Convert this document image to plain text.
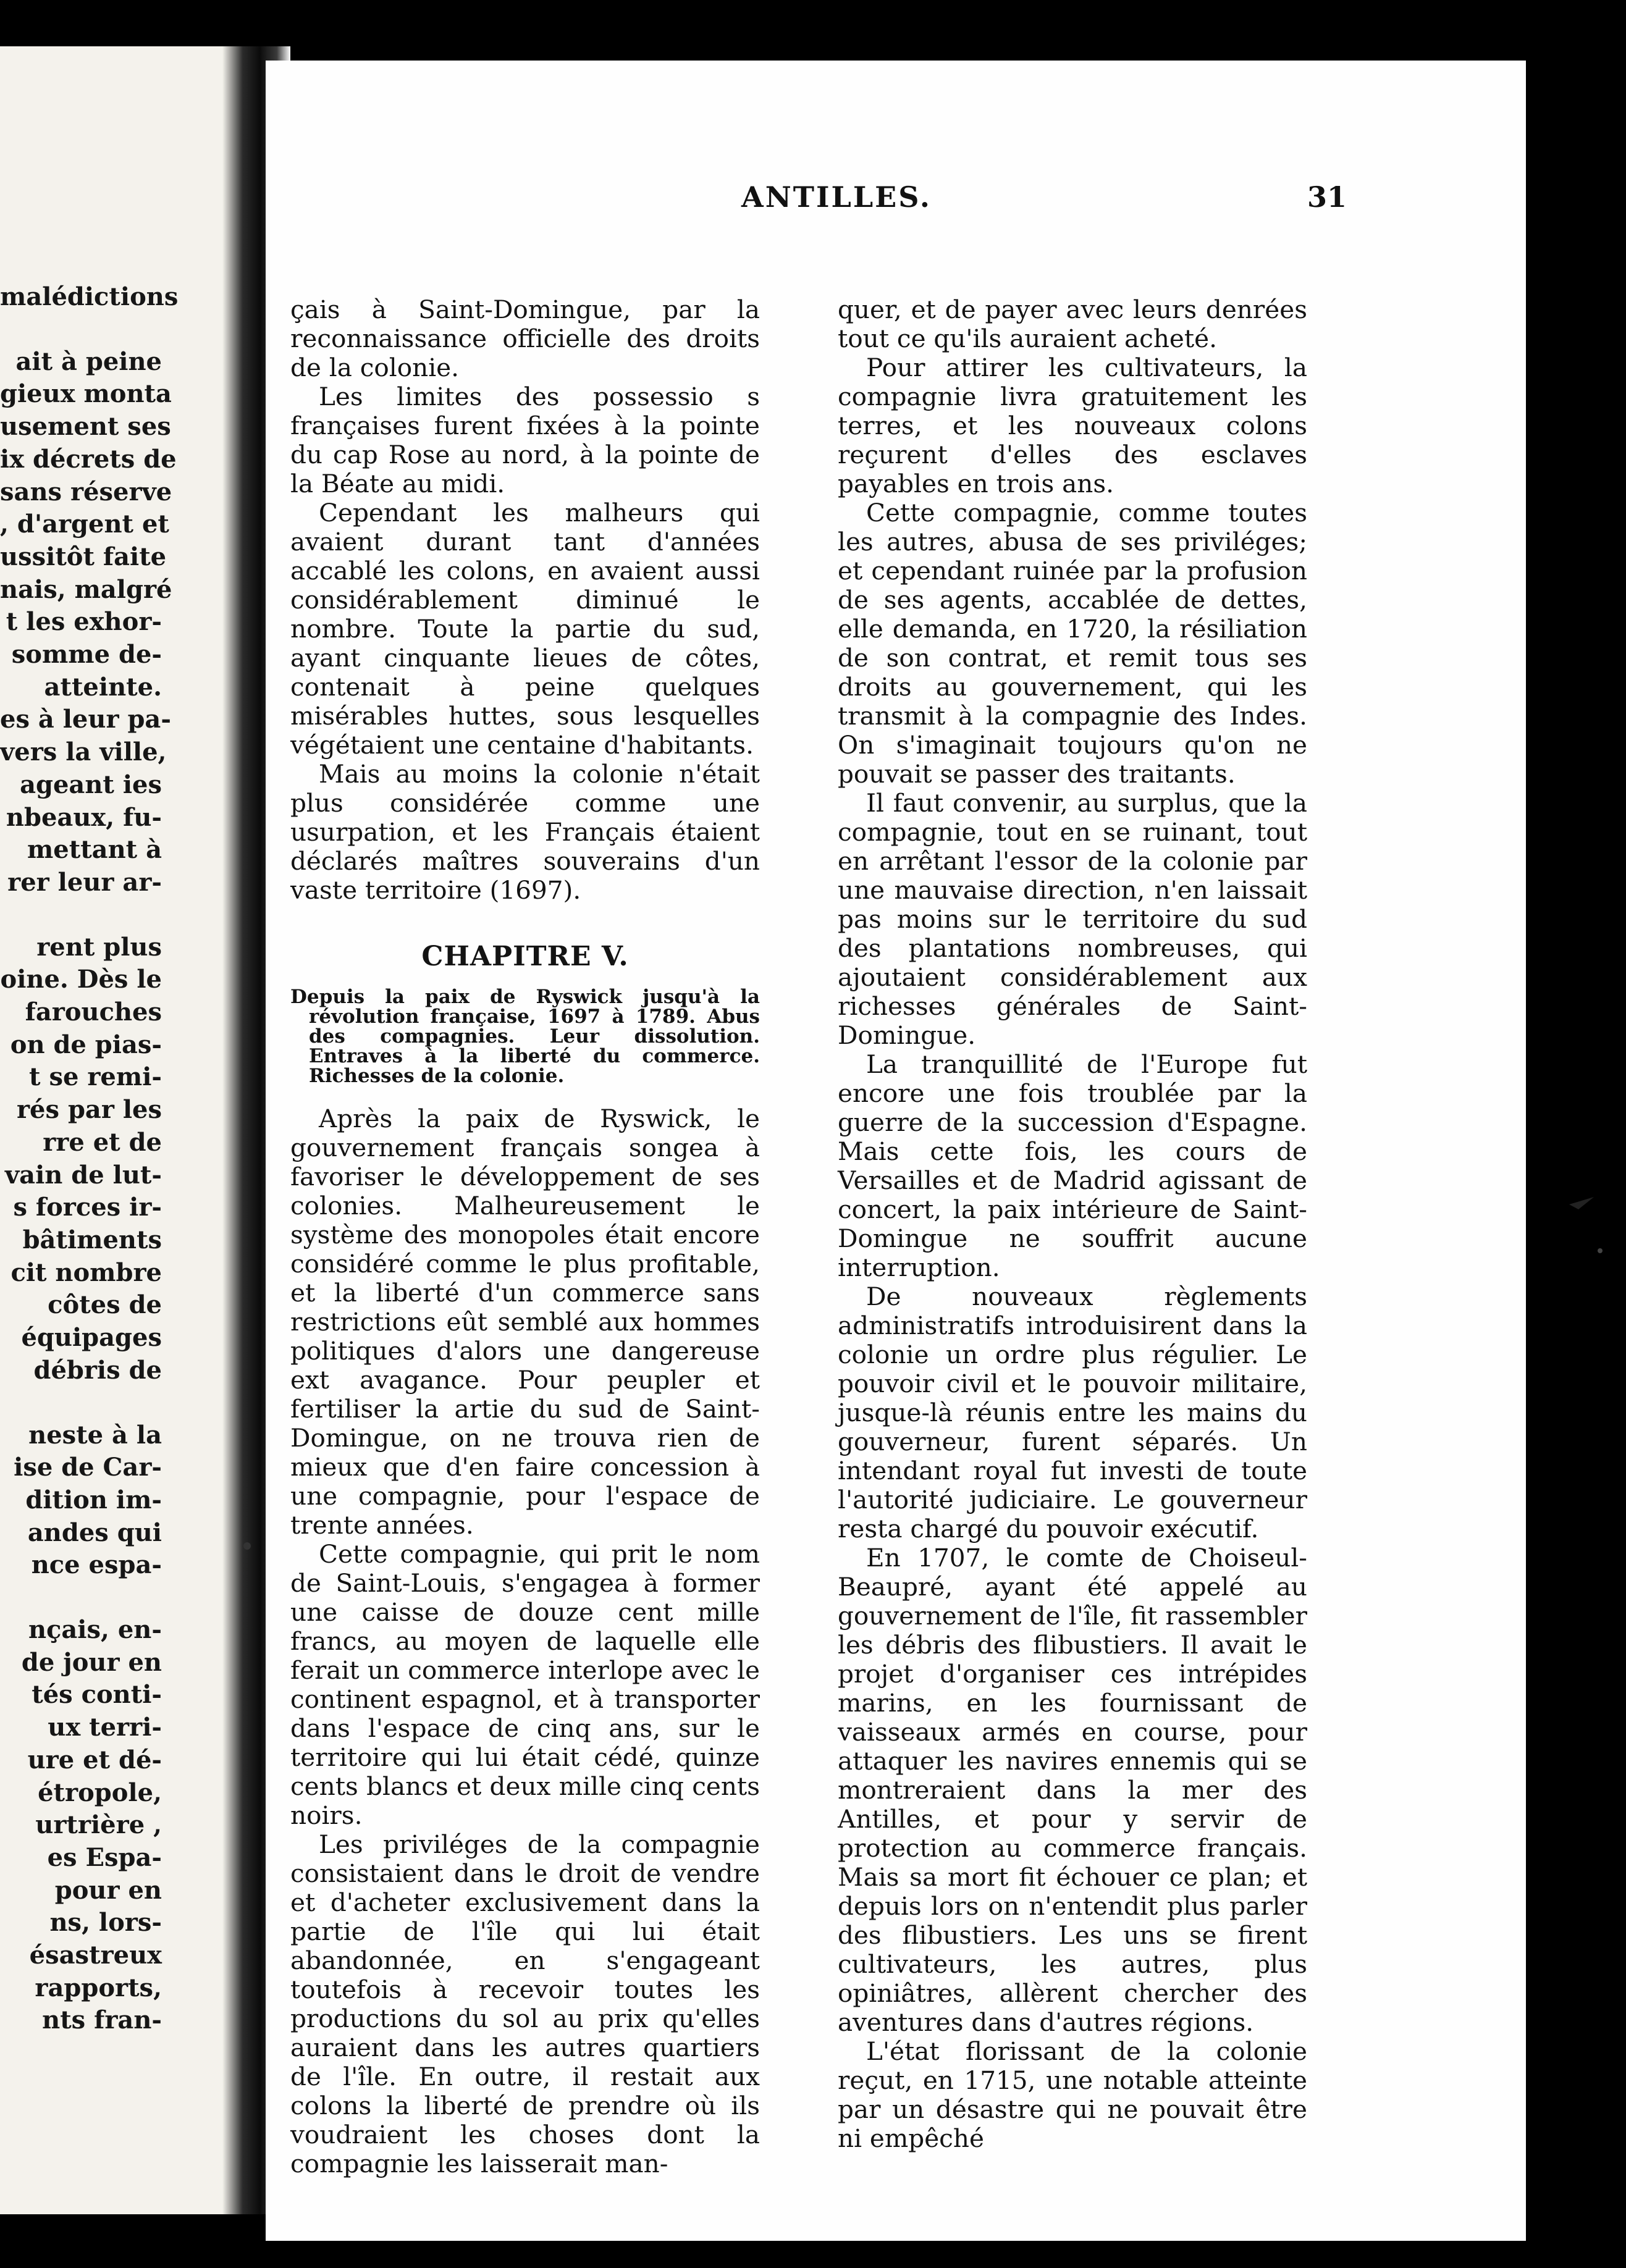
malédictions
ait à peine
gieux monta
usement ses
ix décrets de
sans réserve
, d'argent et
ussitôt faite
nais, malgré
t les exhor-
somme de-
atteinte.
es à leur pa-
vers la ville,
ageant ies
nbeaux, fu-
mettant à
rer leur ar-
rent plus
oine. Dès le
farouches
on de pias-
t se remi-
rés par les
rre et de
vain de lut-
s forces ir-
bâtiments
cit nombre
côtes de
équipages
débris de
neste à la
ise de Car-
dition im-
andes qui
nce espa-
nçais, en-
de jour en
tés conti-
ux terri-
ure et dé-
étropole,
urtrière ,
es Espa-
pour en
ns, lors-
ésastreux
rapports,
nts fran-
ANTILLES.	31

çais à Saint-Domingue, par la reconnaissance officielle des droits de la colonie.

Les limites des possessio s françaises furent fixées à la pointe du cap Rose au nord, à la pointe de la Béate au midi.

Cependant les malheurs qui avaient durant tant d'années accablé les colons, en avaient aussi considérablement diminué le nombre. Toute la partie du sud, ayant cinquante lieues de côtes, contenait à peine quelques misérables huttes, sous lesquelles végétaient une centaine d'habitants.

Mais au moins la colonie n'était plus considérée comme une usurpation, et les Français étaient déclarés maîtres souverains d'un vaste territoire (1697).

CHAPITRE V.
Depuis la paix de Ryswick jusqu'à la révolution française, 1697 à 1789. Abus des compagnies. Leur dissolution. Entraves à la liberté du commerce. Richesses de la colonie.

Après la paix de Ryswick, le gouvernement français songea à favoriser le développement de ses colonies. Malheureusement le système des monopoles était encore considéré comme le plus profitable, et la liberté d'un commerce sans restrictions eût semblé aux hommes politiques d'alors une dangereuse ext avagance. Pour peupler et fertiliser la artie du sud de Saint-Domingue, on ne trouva rien de mieux que d'en faire concession à une compagnie, pour l'espace de trente années.

Cette compagnie, qui prit le nom de Saint-Louis, s'engagea à former une caisse de douze cent mille francs, au moyen de laquelle elle ferait un commerce interlope avec le continent espagnol, et à transporter dans l'espace de cinq ans, sur le territoire qui lui était cédé, quinze cents blancs et deux mille cinq cents noirs.

Les priviléges de la compagnie consistaient dans le droit de vendre et d'acheter exclusivement dans la partie de l'île qui lui était abandonnée, en s'engageant toutefois à recevoir toutes les productions du sol au prix qu'elles auraient dans les autres quartiers de l'île. En outre, il restait aux colons la liberté de prendre où ils voudraient les choses dont la compagnie les laisserait man-

quer, et de payer avec leurs denrées tout ce qu'ils auraient acheté.

Pour attirer les cultivateurs, la compagnie livra gratuitement les terres, et les nouveaux colons reçurent d'elles des esclaves payables en trois ans.

Cette compagnie, comme toutes les autres, abusa de ses priviléges; et cependant ruinée par la profusion de ses agents, accablée de dettes, elle demanda, en 1720, la résiliation de son contrat, et remit tous ses droits au gouvernement, qui les transmit à la compagnie des Indes. On s'imaginait toujours qu'on ne pouvait se passer des traitants.

Il faut convenir, au surplus, que la compagnie, tout en se ruinant, tout en arrêtant l'essor de la colonie par une mauvaise direction, n'en laissait pas moins sur le territoire du sud des plantations nombreuses, qui ajoutaient considérablement aux richesses générales de Saint-Domingue.

La tranquillité de l'Europe fut encore une fois troublée par la guerre de la succession d'Espagne. Mais cette fois, les cours de Versailles et de Madrid agissant de concert, la paix intérieure de Saint-Domingue ne souffrit aucune interruption.

De nouveaux règlements administratifs introduisirent dans la colonie un ordre plus régulier. Le pouvoir civil et le pouvoir militaire, jusque-là réunis entre les mains du gouverneur, furent séparés. Un intendant royal fut investi de toute l'autorité judiciaire. Le gouverneur resta chargé du pouvoir exécutif.

En 1707, le comte de Choiseul-Beaupré, ayant été appelé au gouvernement de l'île, fit rassembler les débris des flibustiers. Il avait le projet d'organiser ces intrépides marins, en les fournissant de vaisseaux armés en course, pour attaquer les navires ennemis qui se montreraient dans la mer des Antilles, et pour y servir de protection au commerce français. Mais sa mort fit échouer ce plan; et depuis lors on n'entendit plus parler des flibustiers. Les uns se firent cultivateurs, les autres, plus opiniâtres, allèrent chercher des aventures dans d'autres régions.

L'état florissant de la colonie reçut, en 1715, une notable atteinte par un désastre qui ne pouvait être ni empêché
